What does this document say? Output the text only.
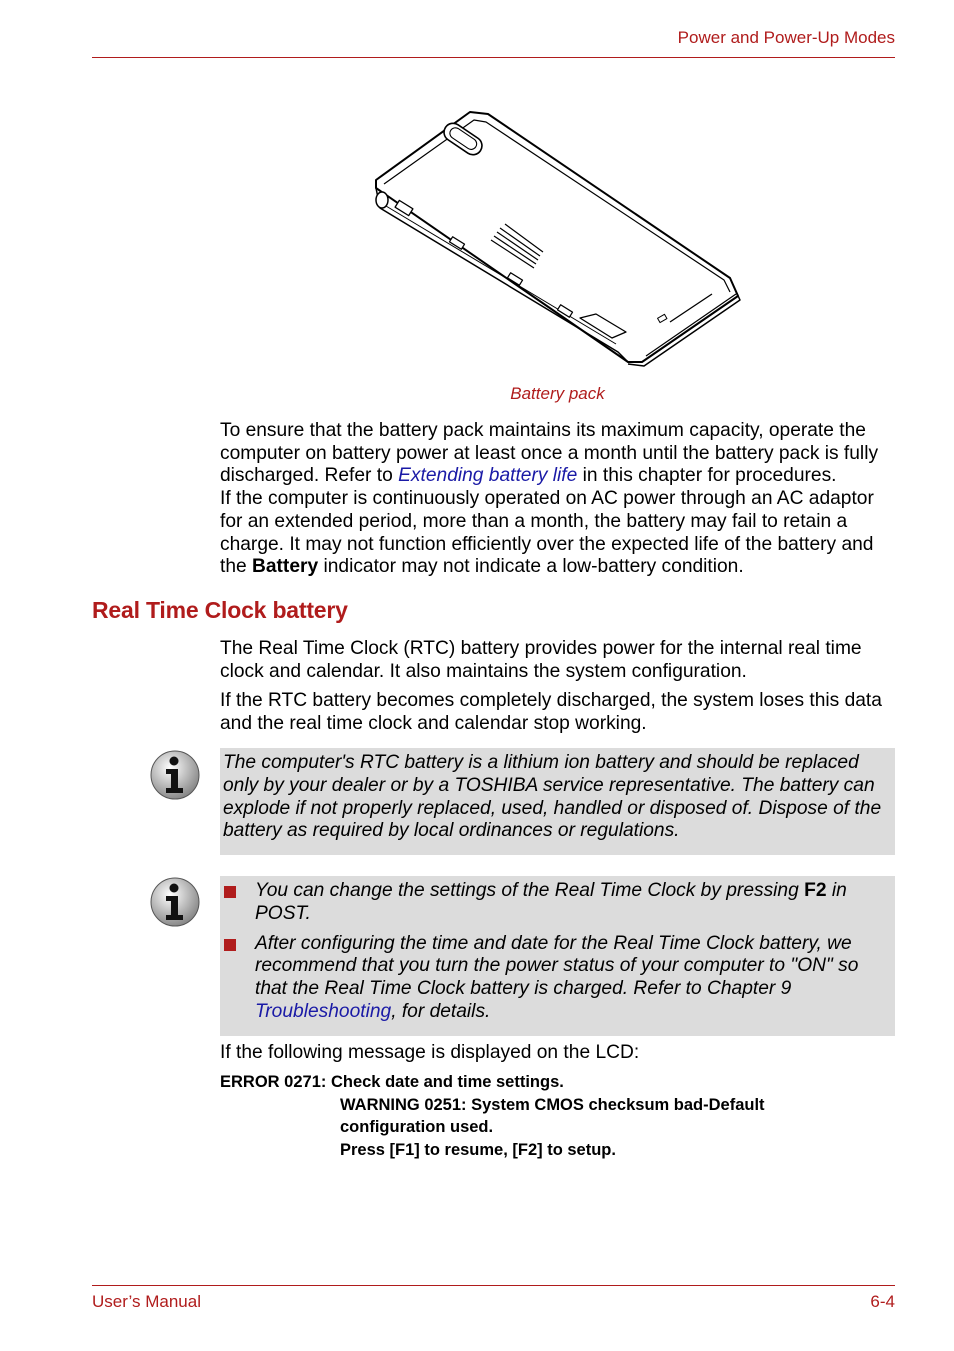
Power and Power-Up Modes
Battery pack

To ensure that the battery pack maintains its maximum capacity, operate the computer on battery power at least once a month until the battery pack is fully discharged. Refer to Extending battery life in this chapter for procedures.

If the computer is continuously operated on AC power through an AC adaptor for an extended period, more than a month, the battery may fail to retain a charge. It may not function efficiently over the expected life of the battery and the Battery indicator may not indicate a low-battery condition.

Real Time Clock battery

The Real Time Clock (RTC) battery provides power for the internal real time clock and calendar. It also maintains the system configuration.

If the RTC battery becomes completely discharged, the system loses this data and the real time clock and calendar stop working.

The computer's RTC battery is a lithium ion battery and should be replaced only by your dealer or by a TOSHIBA service representative. The battery can explode if not properly replaced, used, handled or disposed of. Dispose of the battery as required by local ordinances or regulations.

You can change the settings of the Real Time Clock by pressing F2 in POST.
After configuring the time and date for the Real Time Clock battery, we recommend that you turn the power status of your computer to "ON" so that the Real Time Clock battery is charged. Refer to Chapter 9 Troubleshooting, for details.

If the following message is displayed on the LCD:

ERROR 0271: Check date and time settings.
WARNING 0251: System CMOS checksum bad-Default
configuration used.
Press [F1] to resume, [F2] to setup.
User’s Manual	6-4
